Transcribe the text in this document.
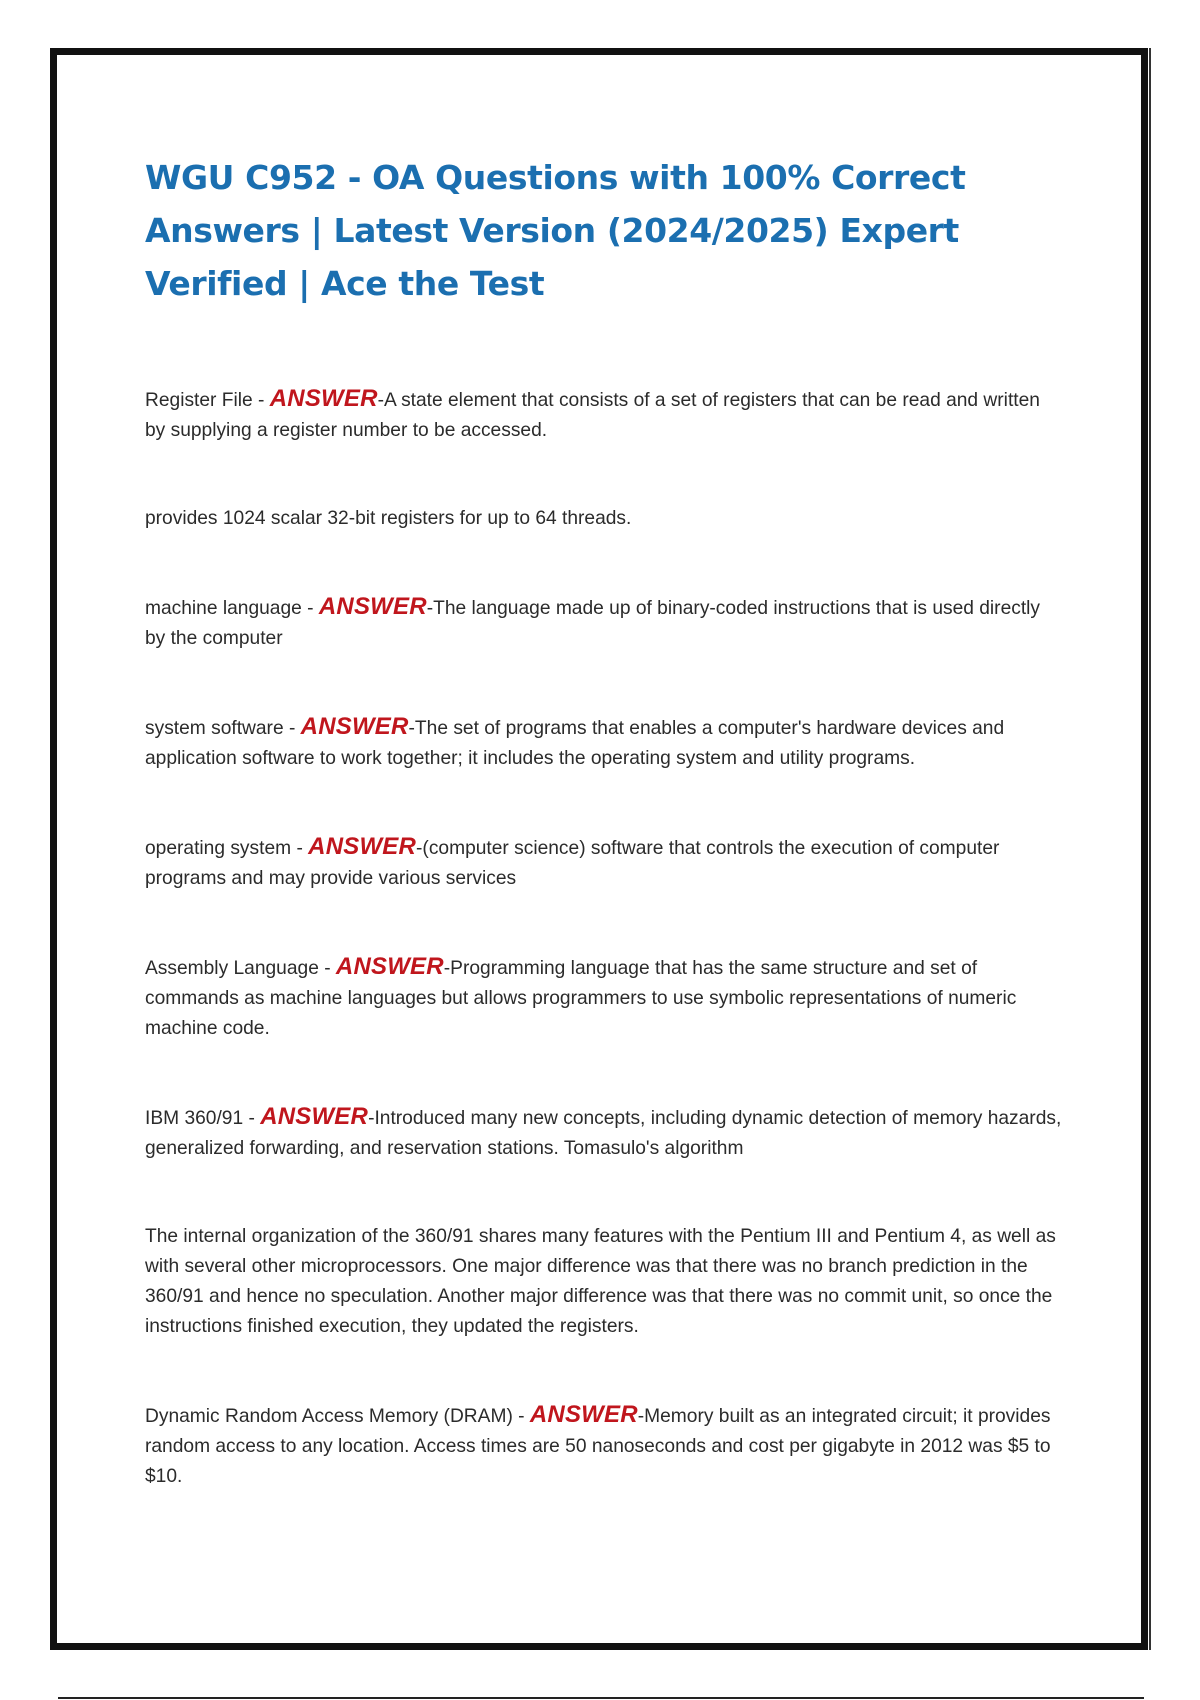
WGU C952 - OA Questions with 100% Correct Answers | Latest Version (2024/2025) Expert Verified | Ace the Test

Register File - ANSWER-A state element that consists of a set of registers that can be read and written by supplying a register number to be accessed.

provides 1024 scalar 32-bit registers for up to 64 threads.

machine language - ANSWER-The language made up of binary-coded instructions that is used directly by the computer

system software - ANSWER-The set of programs that enables a computer's hardware devices and application software to work together; it includes the operating system and utility programs.

operating system - ANSWER-(computer science) software that controls the execution of computer programs and may provide various services

Assembly Language - ANSWER-Programming language that has the same structure and set of commands as machine languages but allows programmers to use symbolic representations of numeric machine code.

IBM 360/91 - ANSWER-Introduced many new concepts, including dynamic detection of memory hazards, generalized forwarding, and reservation stations. Tomasulo's algorithm

The internal organization of the 360/91 shares many features with the Pentium III and Pentium 4, as well as with several other microprocessors. One major difference was that there was no branch prediction in the 360/91 and hence no speculation. Another major difference was that there was no commit unit, so once the instructions finished execution, they updated the registers.

Dynamic Random Access Memory (DRAM) - ANSWER-Memory built as an integrated circuit; it provides random access to any location. Access times are 50 nanoseconds and cost per gigabyte in 2012 was $5 to $10.
